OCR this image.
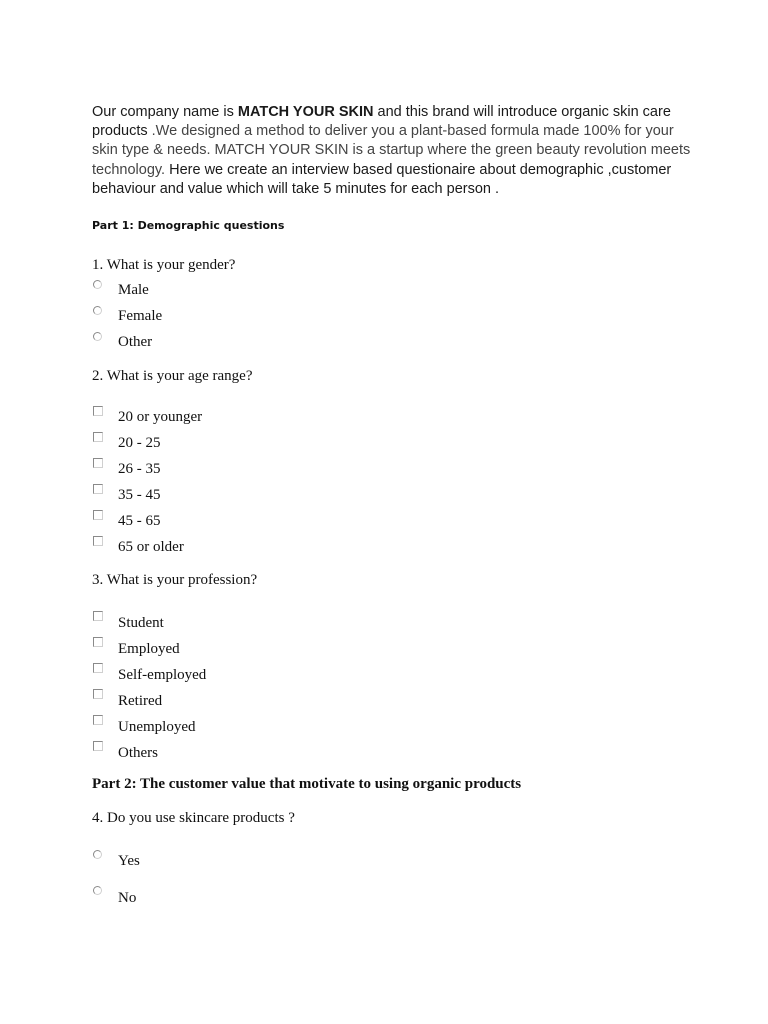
Our company name is MATCH YOUR SKIN and this brand will introduce organic skin care products .We designed a method to deliver you a plant-based formula made 100% for your skin type & needs. MATCH YOUR SKIN is a startup where the green beauty revolution meets technology. Here we create an interview based questionaire about demographic ,customer behaviour and value which will take 5 minutes for each person .
Part 1: Demographic questions
1. What is your gender?
Male
Female
Other
2. What is your age range?
20 or younger
20 - 25
26 - 35
35 - 45
45 - 65
65 or older
3. What is your profession?
Student
Employed
Self-employed
Retired
Unemployed
Others
Part 2: The customer value that motivate to using organic products
4. Do you use skincare products ?
Yes
No
